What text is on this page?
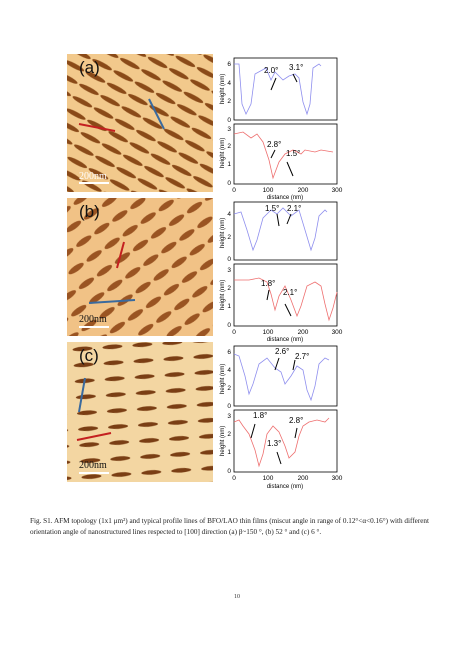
(a)
200nm
(b)
200nm
(c)
200nm
6
4
2
0
2.0° 3.1°
height (nm)
3
2
1
0
2.8°
1.5°
height (nm)
0	100	200	300
distance (nm)
4
2
0
1.5° 2.1°
height (nm)
3
2
1
0
1.8°
2.1°
height (nm)
0	100	200	300
distance (nm)
6
4
2
0
2.6°
2.7°
height (nm)
3
2
1
0
1.8°
2.8°
1.3°
height (nm)
0	100	200	300
distance (nm)
Fig. S1. AFM topology (1x1 μm²) and typical profile lines of BFO/LAO thin films (miscut angle in range of 0.12°<α<0.16°) with different orientation angle of nanostructured lines respected to [100] direction (a) β~150 °, (b) 52 ° and (c) 6 °.
10
